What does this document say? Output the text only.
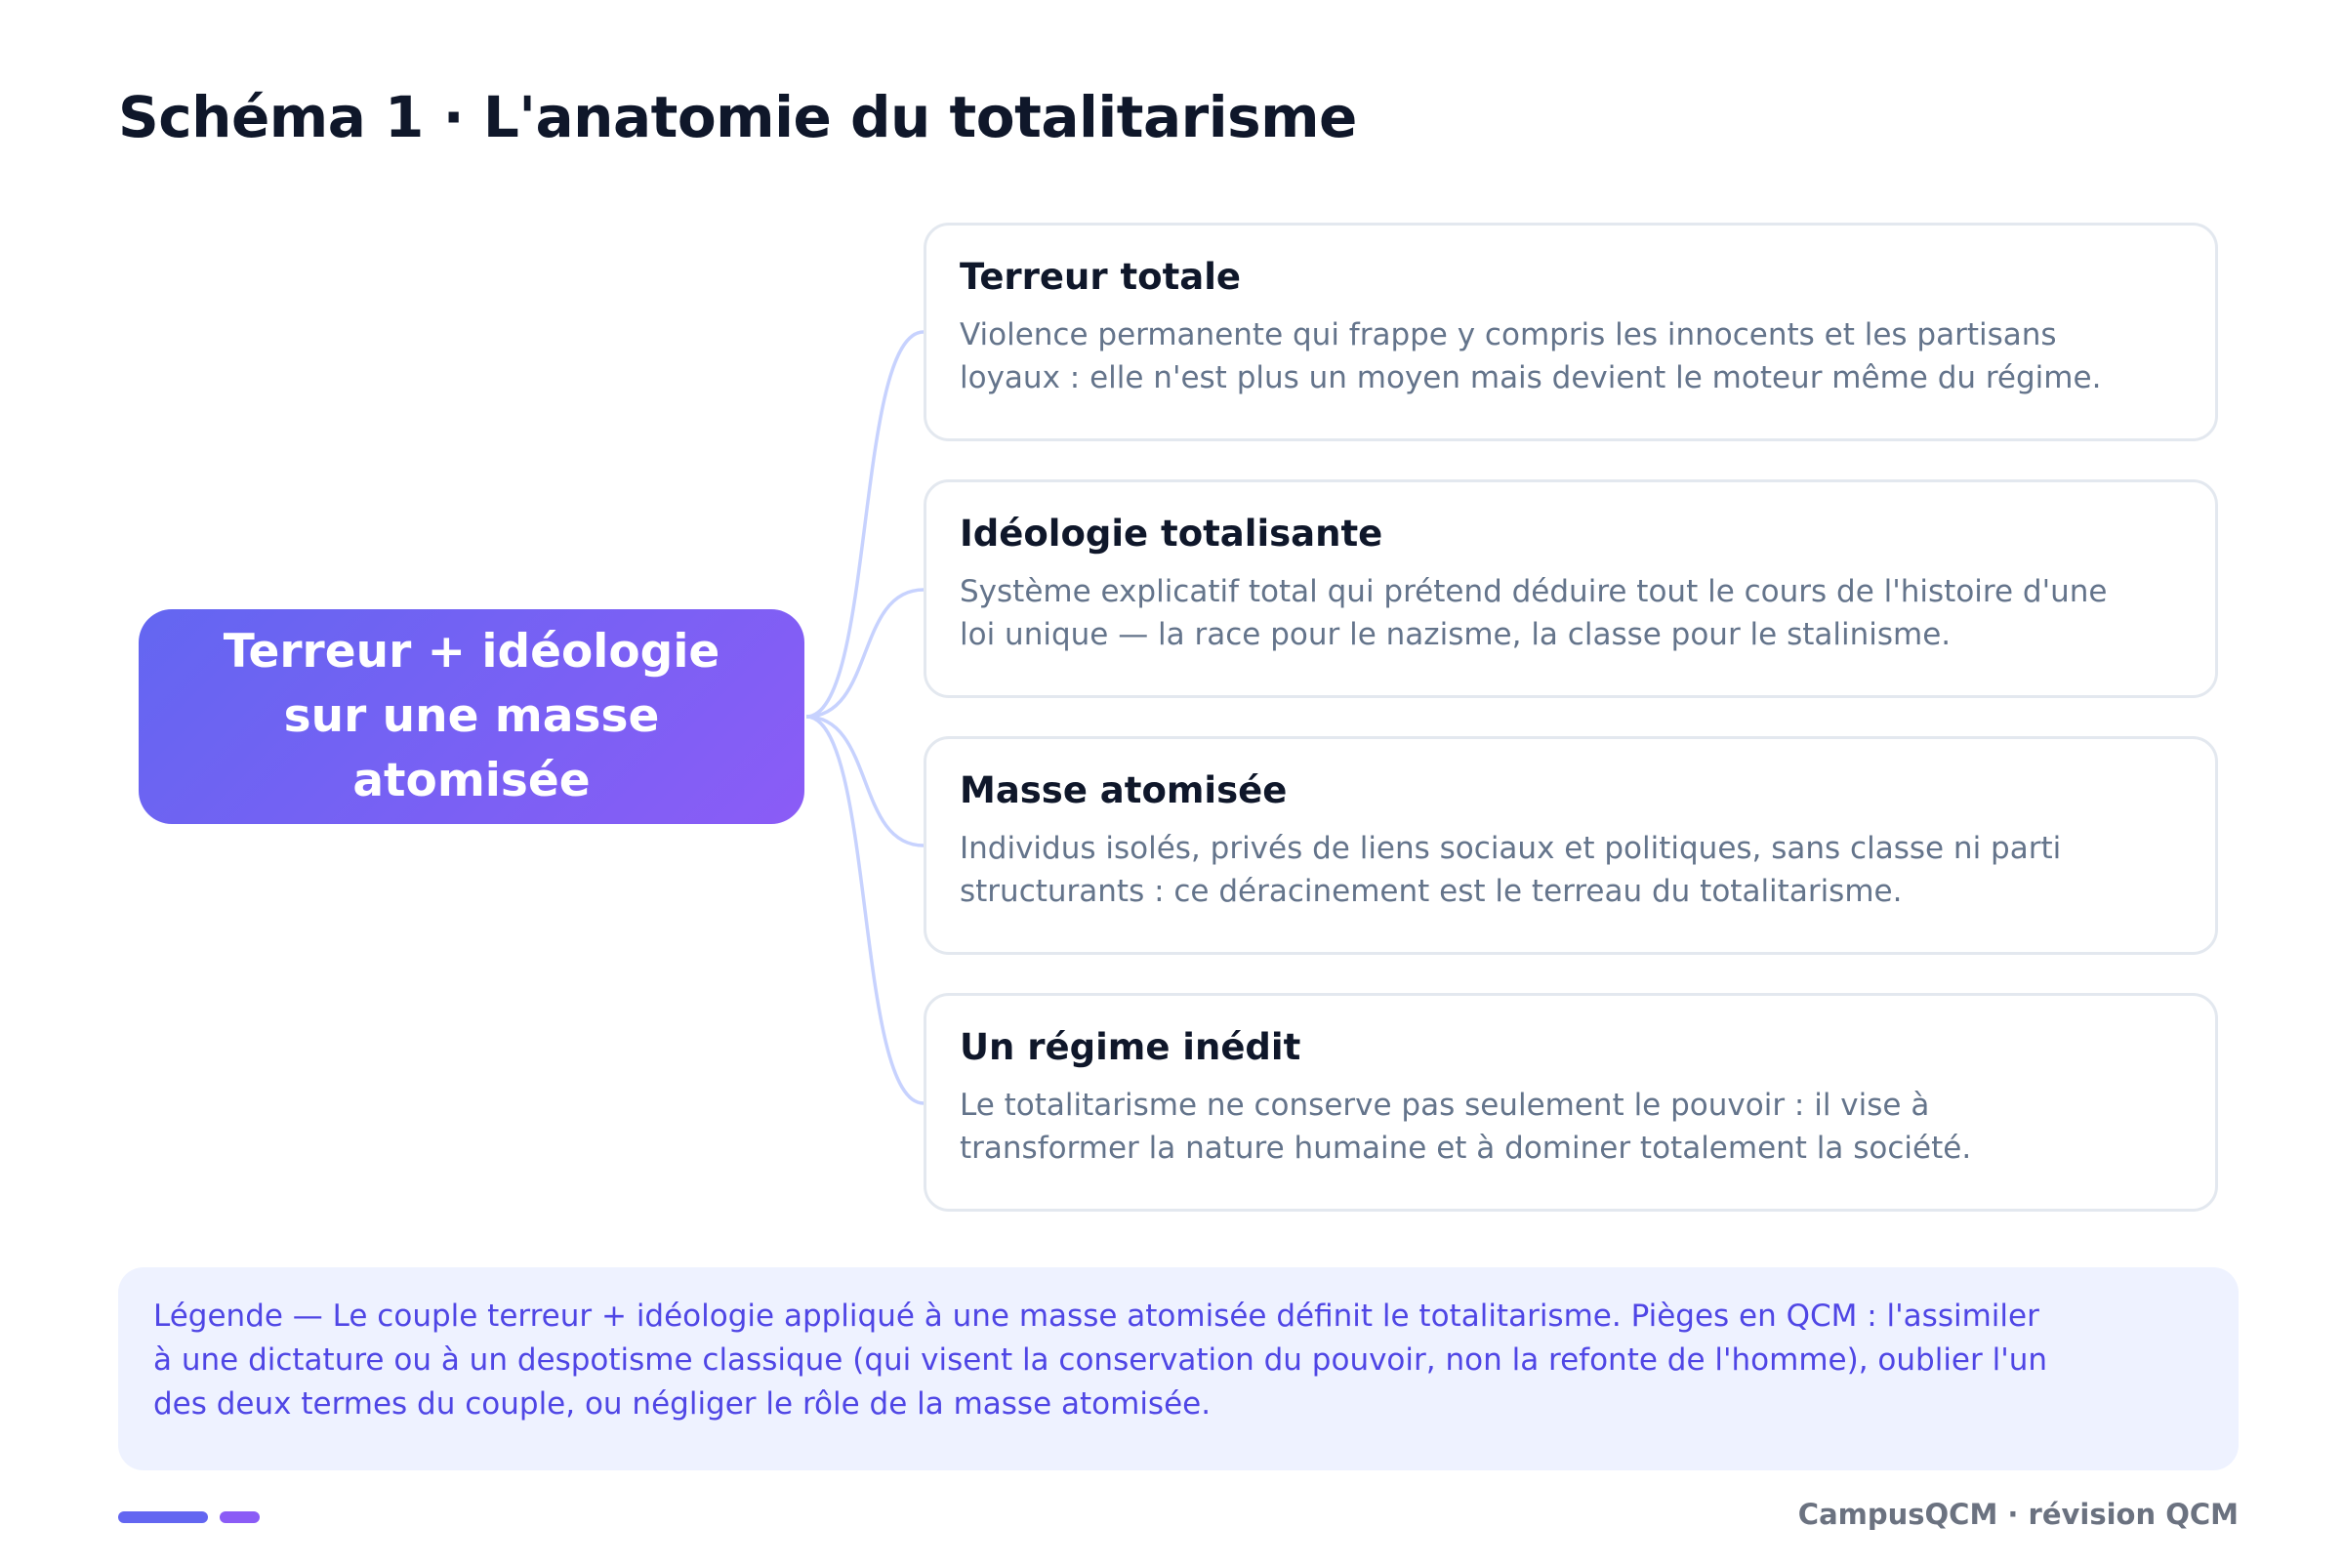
Schéma 1 · L'anatomie du totalitarisme
Terreur + idéologie sur une masse atomisée
Terreur totale
Violence permanente qui frappe y compris les innocents et les partisans loyaux : elle n'est plus un moyen mais devient le moteur même du régime.
Idéologie totalisante
Système explicatif total qui prétend déduire tout le cours de l'histoire d'une loi unique — la race pour le nazisme, la classe pour le stalinisme.
Masse atomisée
Individus isolés, privés de liens sociaux et politiques, sans classe ni parti structurants : ce déracinement est le terreau du totalitarisme.
Un régime inédit
Le totalitarisme ne conserve pas seulement le pouvoir : il vise à transformer la nature humaine et à dominer totalement la société.
Légende — Le couple terreur + idéologie appliqué à une masse atomisée définit le totalitarisme. Pièges en QCM : l'assimiler à une dictature ou à un despotisme classique (qui visent la conservation du pouvoir, non la refonte de l'homme), oublier l'un des deux termes du couple, ou négliger le rôle de la masse atomisée.
CampusQCM · révision QCM
